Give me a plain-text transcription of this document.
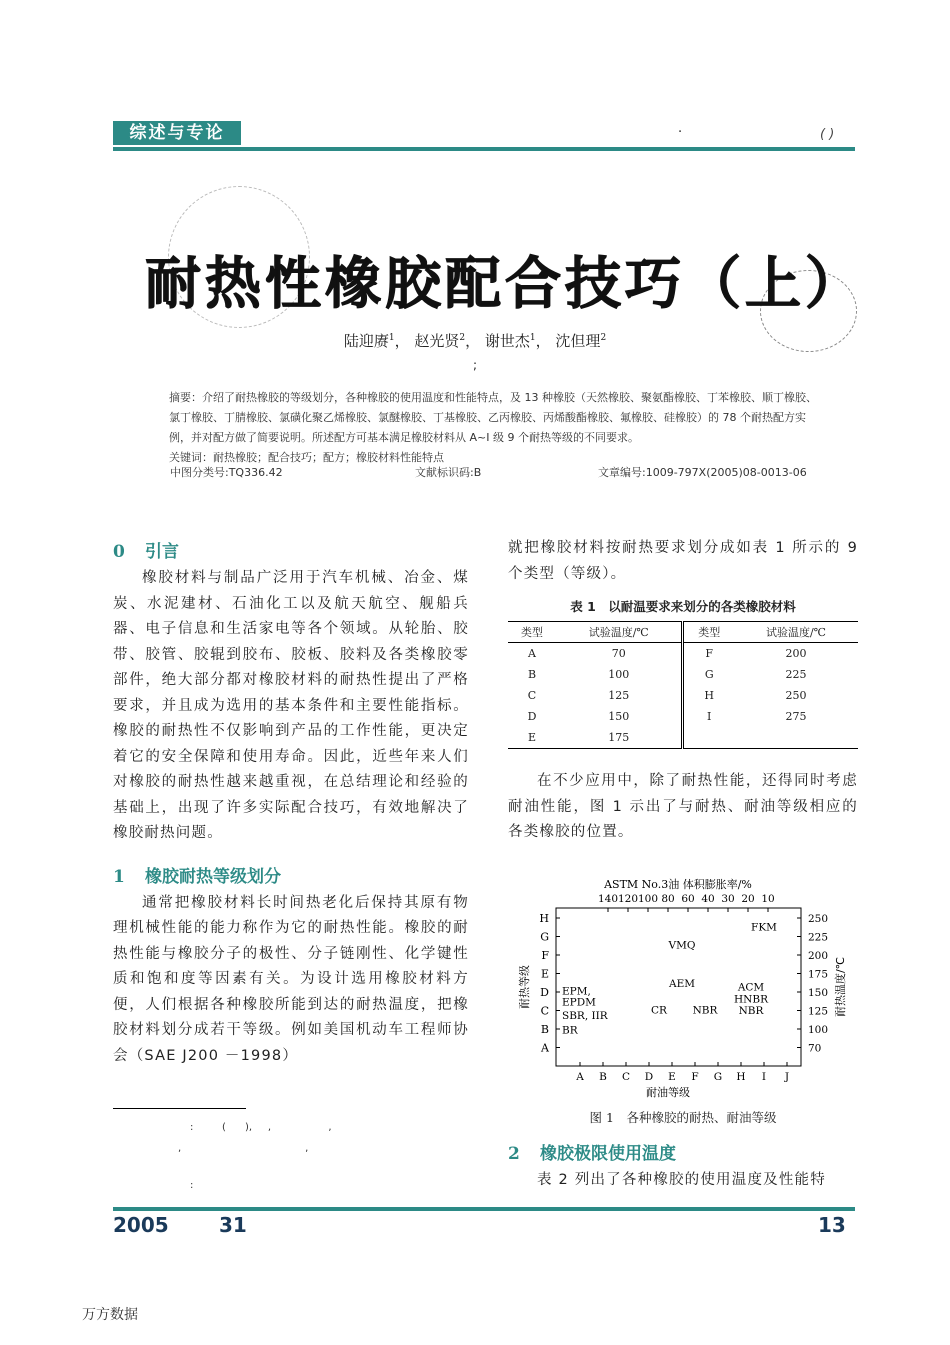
综述与专论	·	( )
耐热性橡胶配合技巧（上）
陆迎赓$^1$， 赵光贤$^2$， 谢世杰$^1$， 沈但理$^2$
;
摘要：介绍了耐热橡胶的等级划分，各种橡胶的使用温度和性能特点，及 13 种橡胶（天然橡胶、聚氨酯橡胶、丁苯橡胶、顺丁橡胶、氯丁橡胶、丁腈橡胶、氯磺化聚乙烯橡胶、氯醚橡胶、丁基橡胶、乙丙橡胶、丙烯酸酯橡胶、氟橡胶、硅橡胶）的 78 个耐热配方实例，并对配方做了简要说明。所述配方可基本满足橡胶材料从 A~I 级 9 个耐热等级的不同要求。
关键词：耐热橡胶；配合技巧；配方；橡胶材料性能特点
中图分类号:TQ336.42	文献标识码:B	文章编号:1009-797X(2005)08-0013-06
0 引言

橡胶材料与制品广泛用于汽车机械、冶金、煤炭、水泥建材、石油化工以及航天航空、舰船兵器、电子信息和生活家电等各个领域。从轮胎、胶带、胶管、胶辊到胶布、胶板、胶料及各类橡胶零部件，绝大部分都对橡胶材料的耐热性提出了严格要求，并且成为选用的基本条件和主要性能指标。橡胶的耐热性不仅影响到产品的工作性能，更决定着它的安全保障和使用寿命。因此，近些年来人们对橡胶的耐热性越来越重视，在总结理论和经验的基础上，出现了许多实际配合技巧，有效地解决了橡胶耐热问题。

1 橡胶耐热等级划分

通常把橡胶材料长时间热老化后保持其原有物理机械性能的能力称作为它的耐热性能。橡胶的耐热性能与橡胶分子的极性、分子链刚性、化学键性质和饱和度等因素有关。为设计选用橡胶材料方便，人们根据各种橡胶所能到达的耐热温度，把橡胶材料划分成若干等级。例如美国机动车工程师协会（SAE J200 －1998）

:         (      ),     ,                  ,
,                                       ,
:

就把橡胶材料按耐热要求划分成如表 1 所示的 9 个类型（等级）。

表 1　以耐温要求来划分的各类橡胶材料
类型	试验温度/℃	类型	试验温度/℃
A	70	F	200
B	100	G	225
C	125	H	250
D	150	I	275
E	175		

在不少应用中，除了耐热性能，还得同时考虑耐油性能，图 1 示出了与耐热、耐油等级相应的各类橡胶的位置。

ASTM No.3油 体积膨胀率/%
140 120 100 80 60 40 30 20 10
H
G
F
E
D
C
B
A
250
225
200
175
150
125
100
70
耐热等级	耐热温度/℃
A B C D E F G H I J
耐油等级
FKM
VMQ
AEM	ACM
HNBR
NBR
CR NBR
EPM,
EPDM
SBR, IIR
BR
图 1　各种橡胶的耐热、耐油等级
2 橡胶极限使用温度

表 2 列出了各种橡胶的使用温度及性能特

2005	31	13
万方数据
